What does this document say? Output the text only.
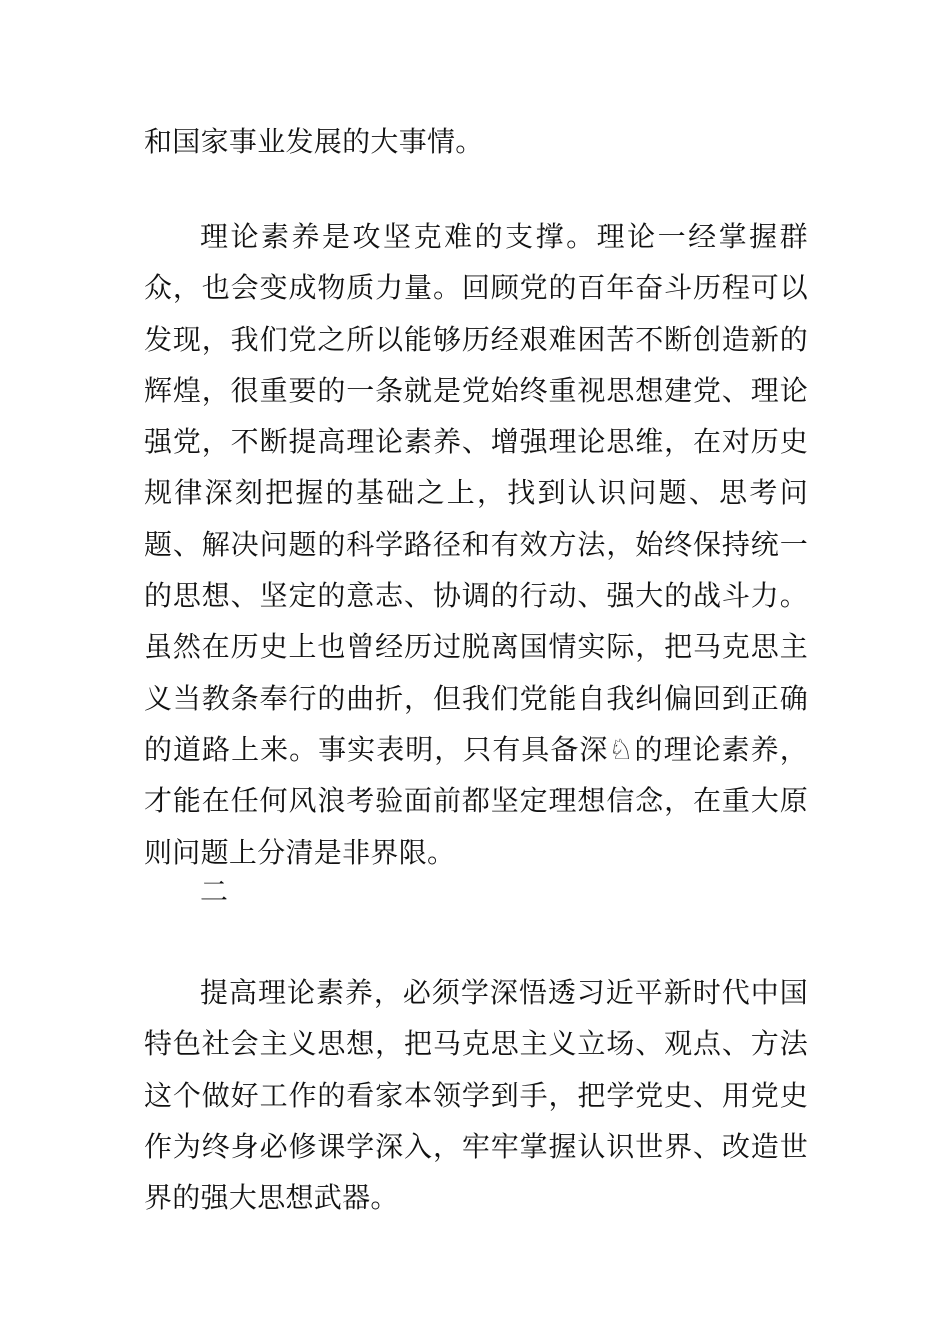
和国家事业发展的大事情。

理论素养是攻坚克难的支撑。理论一经掌握群众，也会变成物质力量。回顾党的百年奋斗历程可以发现，我们党之所以能够历经艰难困苦不断创造新的辉煌，很重要的一条就是党始终重视思想建党、理论强党，不断提高理论素养、增强理论思维，在对历史规律深刻把握的基础之上，找到认识问题、思考问题、解决问题的科学路径和有效方法，始终保持统一的思想、坚定的意志、协调的行动、强大的战斗力。虽然在历史上也曾经历过脱离国情实际，把马克思主义当教条奉行的曲折，但我们党能自我纠偏回到正确的道路上来。事实表明，只有具备深♘的理论素养，才能在任何风浪考验面前都坚定理想信念，在重大原则问题上分清是非界限。

二

提高理论素养，必须学深悟透习近平新时代中国特色社会主义思想，把马克思主义立场、观点、方法这个做好工作的看家本领学到手，把学党史、用党史作为终身必修课学深入，牢牢掌握认识世界、改造世界的强大思想武器。
